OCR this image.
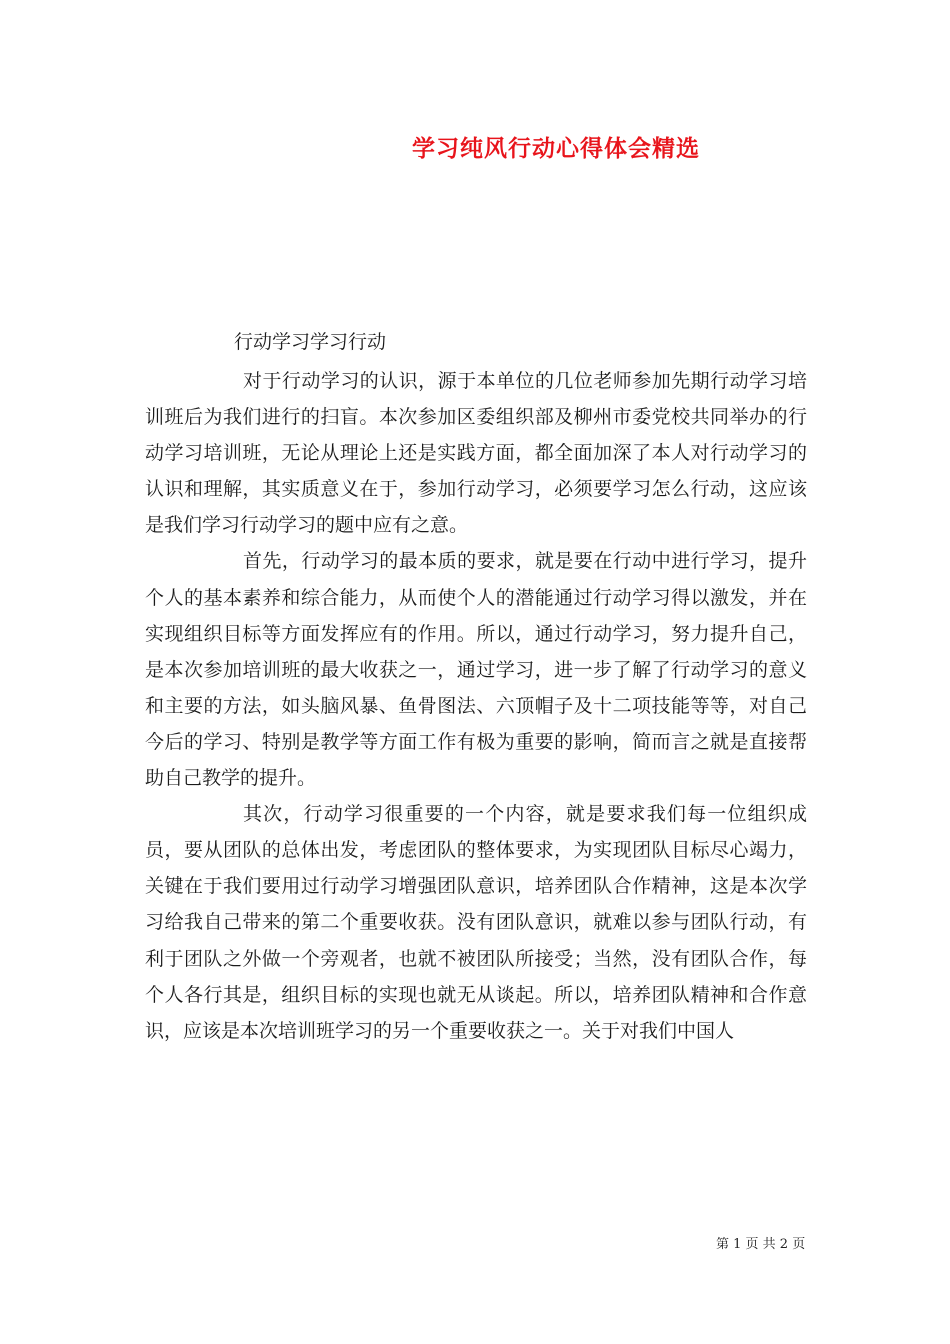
学习纯风行动心得体会精选
行动学习学习行动

对于行动学习的认识，源于本单位的几位老师参加先期行动学习培训班后为我们进行的扫盲。本次参加区委组织部及柳州市委党校共同举办的行动学习培训班，无论从理论上还是实践方面，都全面加深了本人对行动学习的认识和理解，其实质意义在于，参加行动学习，必须要学习怎么行动，这应该是我们学习行动学习的题中应有之意。

首先，行动学习的最本质的要求，就是要在行动中进行学习，提升个人的基本素养和综合能力，从而使个人的潜能通过行动学习得以激发，并在实现组织目标等方面发挥应有的作用。所以，通过行动学习，努力提升自己，是本次参加培训班的最大收获之一，通过学习，进一步了解了行动学习的意义和主要的方法，如头脑风暴、鱼骨图法、六顶帽子及十二项技能等等，对自己今后的学习、特别是教学等方面工作有极为重要的影响，简而言之就是直接帮助自己教学的提升。

其次，行动学习很重要的一个内容，就是要求我们每一位组织成员，要从团队的总体出发，考虑团队的整体要求，为实现团队目标尽心竭力，关键在于我们要用过行动学习增强团队意识，培养团队合作精神，这是本次学习给我自己带来的第二个重要收获。没有团队意识，就难以参与团队行动，有利于团队之外做一个旁观者，也就不被团队所接受；当然，没有团队合作，每个人各行其是，组织目标的实现也就无从谈起。所以，培养团队精神和合作意识，应该是本次培训班学习的另一个重要收获之一。关于对我们中国人

第 1 页 共 2 页
